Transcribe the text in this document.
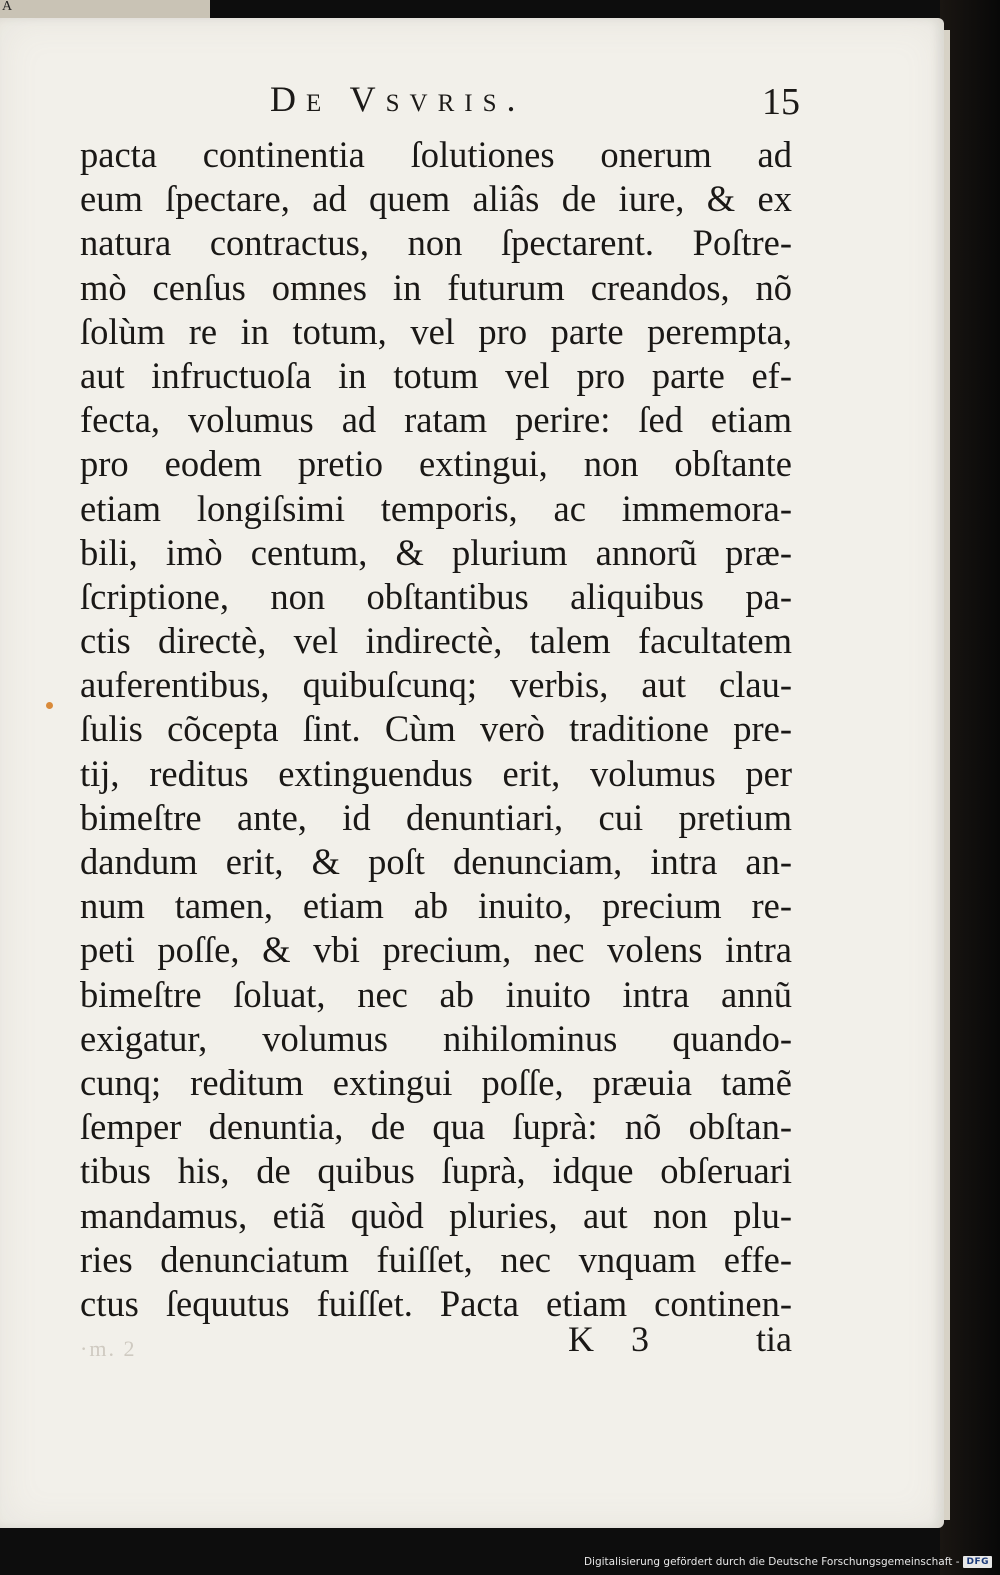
A
De Vsvris.	15
pacta continentia ſolutiones onerum ad
eum ſpectare, ad quem aliâs de iure, & ex
natura contractus, non ſpectarent. Poſtre-
mò cenſus omnes in futurum creandos, nõ
ſolùm re in totum, vel pro parte perempta,
aut infructuoſa in totum vel pro parte ef-
fecta, volumus ad ratam perire: ſed etiam
pro eodem pretio extingui, non obſtante
etiam longiſsimi temporis, ac immemora-
bili, imò centum, & plurium annorũ præ-
ſcriptione, non obſtantibus aliquibus pa-
ctis directè, vel indirectè, talem facultatem
auferentibus, quibuſcunq; verbis, aut clau-
ſulis cõcepta ſint. Cùm verò traditione pre-
tij, reditus extinguendus erit, volumus per
bimeſtre ante, id denuntiari, cui pretium
dandum erit, & poſt denunciam, intra an-
num tamen, etiam ab inuito, precium re-
peti poſſe, & vbi precium, nec volens intra
bimeſtre ſoluat, nec ab inuito intra annũ
exigatur, volumus nihilominus quando-
cunq; reditum extingui poſſe, præuia tamẽ
ſemper denuntia, de qua ſuprà: nõ obſtan-
tibus his, de quibus ſuprà, idque obſeruari
mandamus, etiã quòd pluries, aut non plu-
ries denunciatum fuiſſet, nec vnquam effe-
ctus ſequutus fuiſſet. Pacta etiam continen-
·m. 2	K 3	tia
Digitalisierung gefördert durch die Deutsche Forschungsgemeinschaft - DFG
